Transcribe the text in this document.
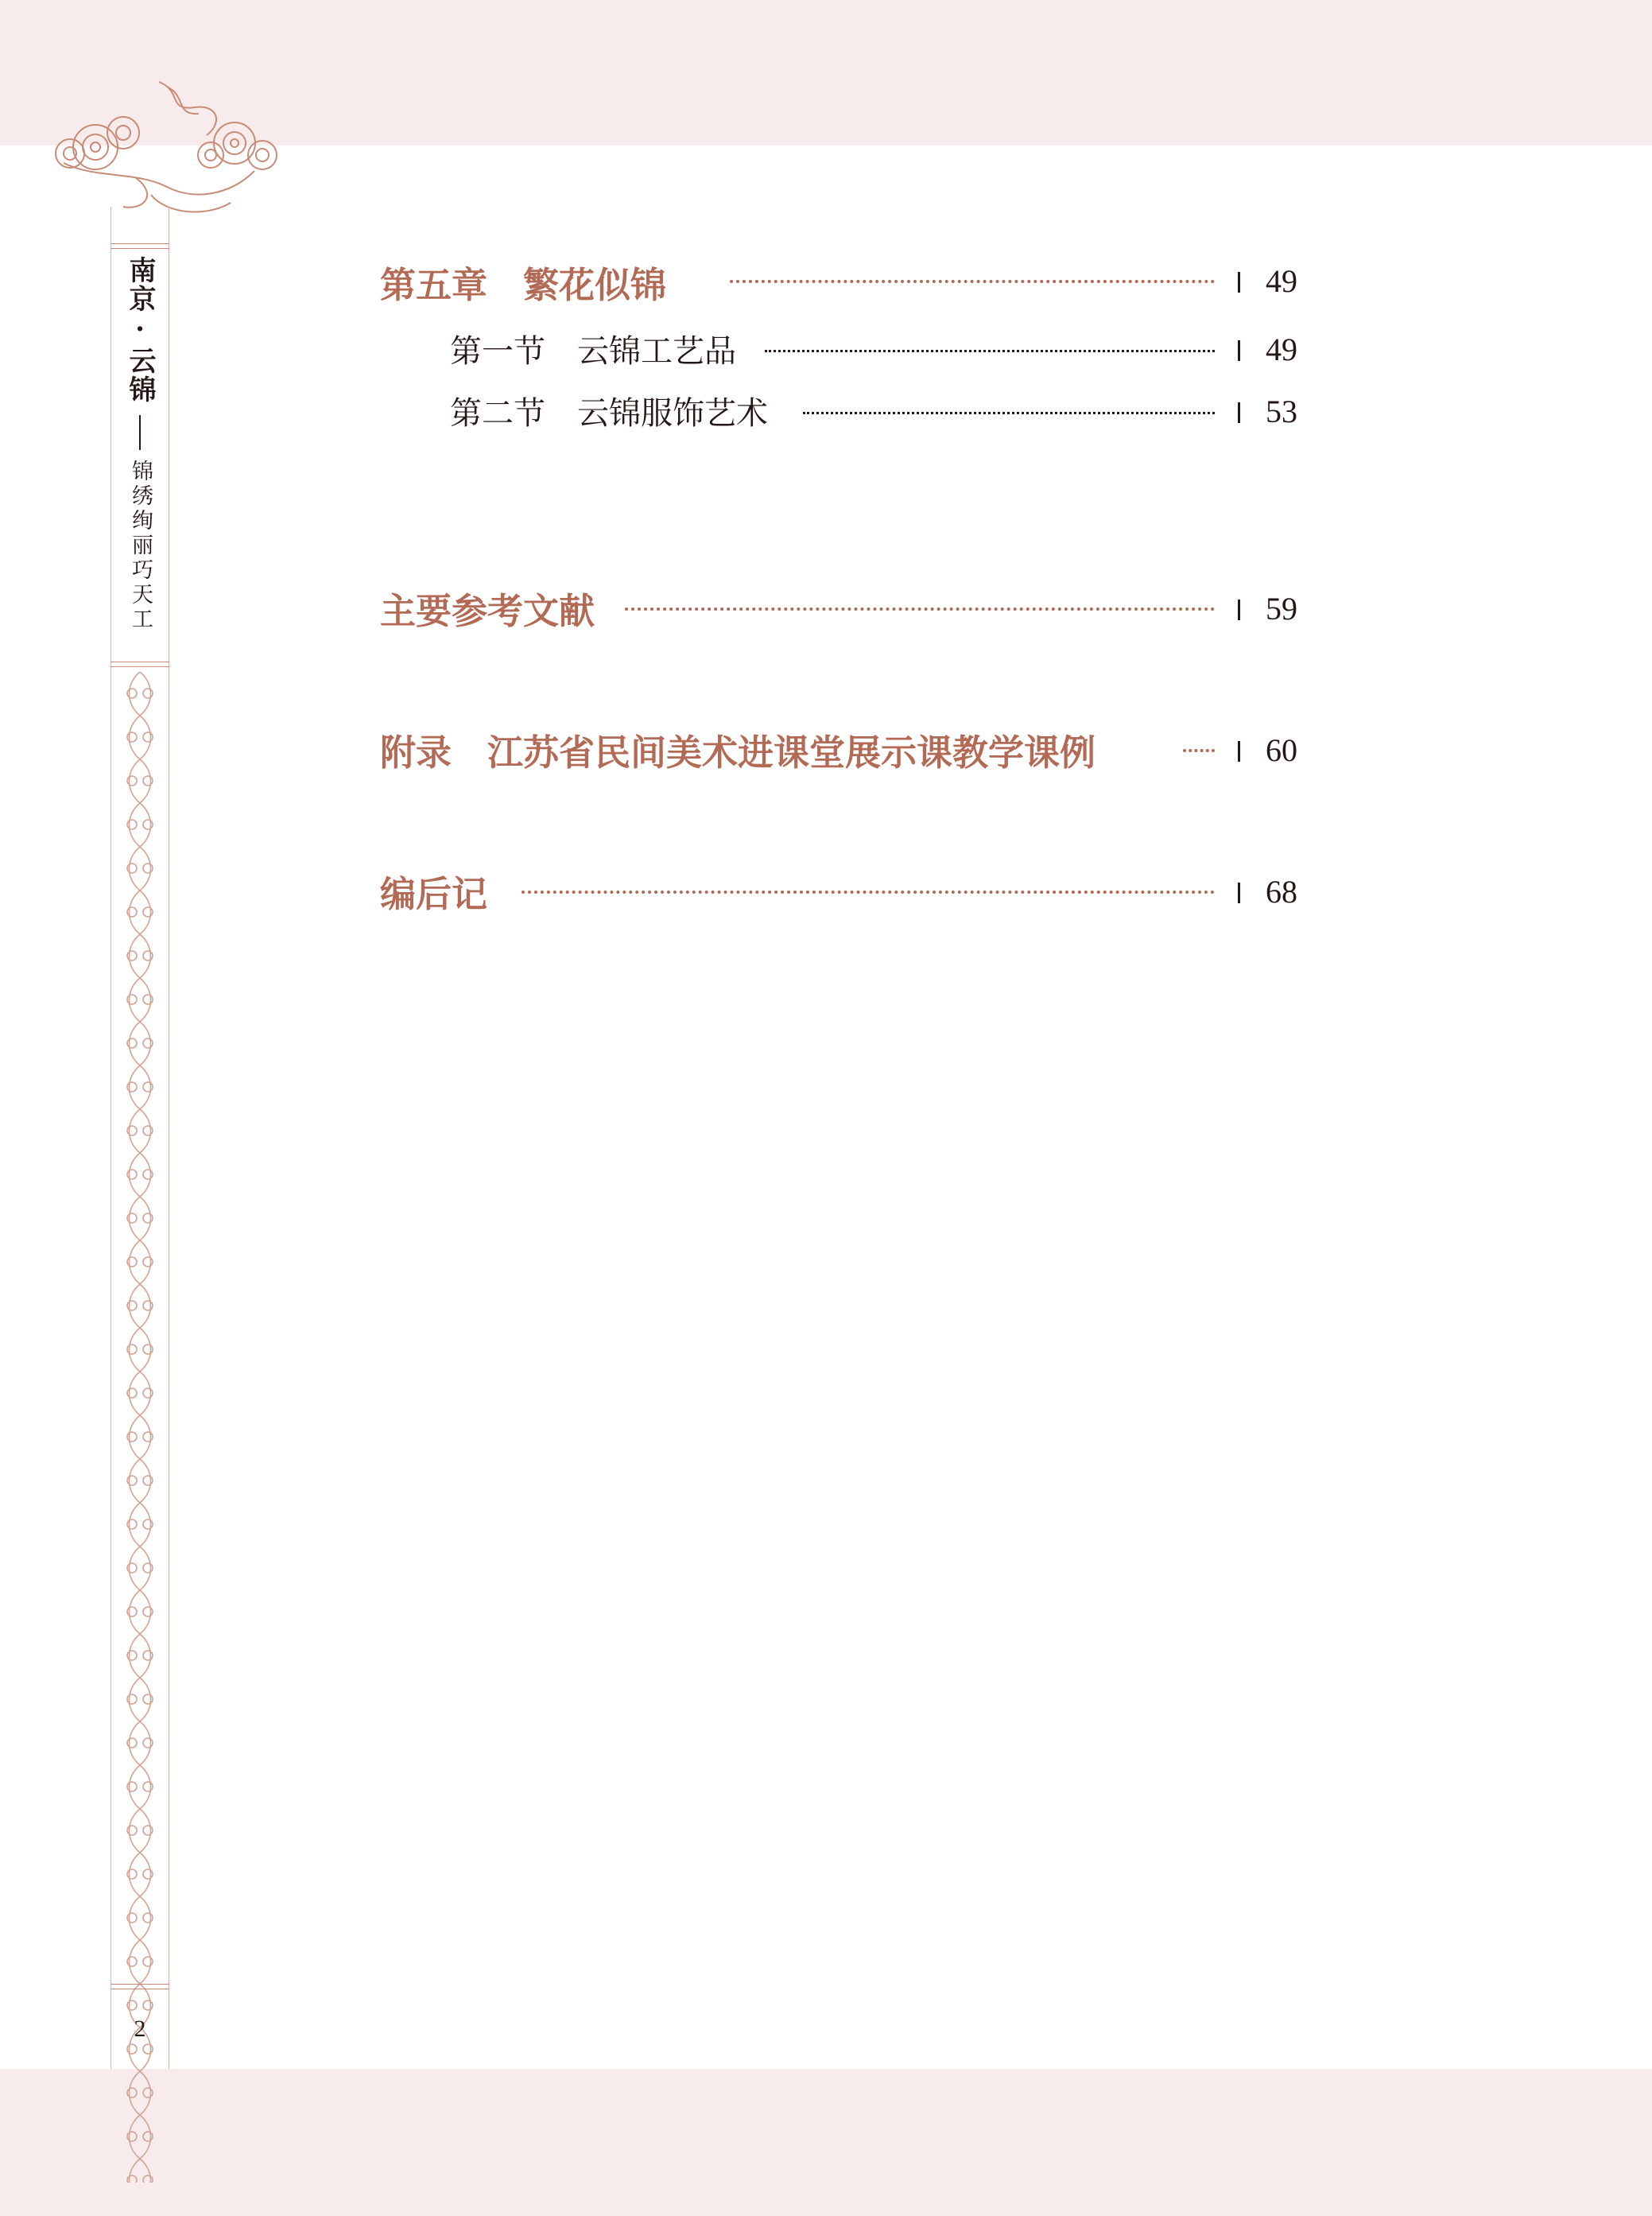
南京·云锦
锦绣绚丽巧天工
2
第五章　繁花似锦	49
第一节　云锦工艺品	49
第二节　云锦服饰艺术	53
主要参考文献	59
附录　江苏省民间美术进课堂展示课教学课例	60
编后记	68
